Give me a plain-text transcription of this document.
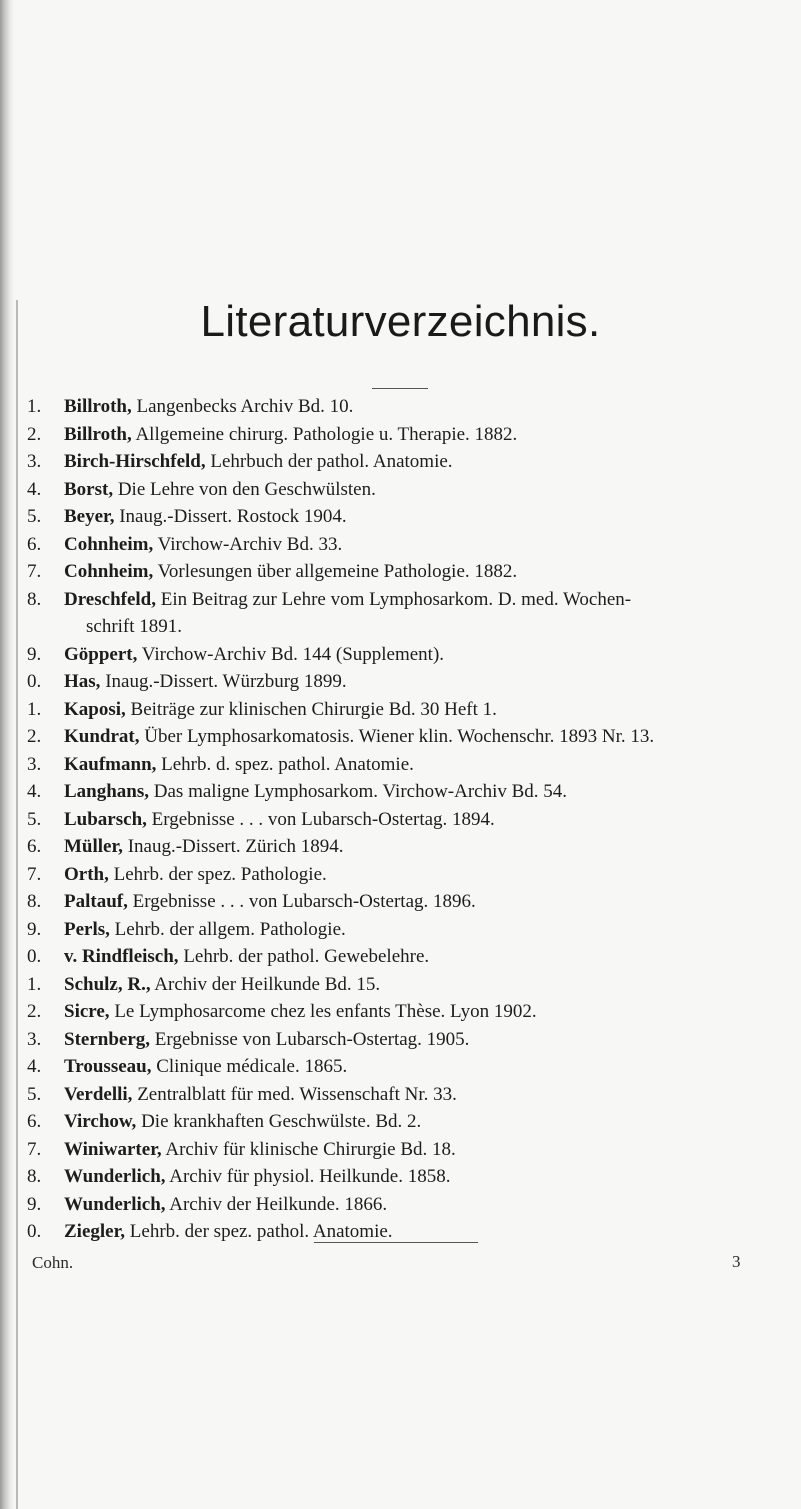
Literaturverzeichnis.
1.	Billroth, Langenbecks Archiv Bd. 10.
2.	Billroth, Allgemeine chirurg. Pathologie u. Therapie. 1882.
3.	Birch-Hirschfeld, Lehrbuch der pathol. Anatomie.
4.	Borst, Die Lehre von den Geschwülsten.
5.	Beyer, Inaug.-Dissert. Rostock 1904.
6.	Cohnheim, Virchow-Archiv Bd. 33.
7.	Cohnheim, Vorlesungen über allgemeine Pathologie. 1882.
8.	Dreschfeld, Ein Beitrag zur Lehre vom Lymphosarkom. D. med. Wochen-
schrift 1891.
9.	Göppert, Virchow-Archiv Bd. 144 (Supplement).
0.	Has, Inaug.-Dissert. Würzburg 1899.
1.	Kaposi, Beiträge zur klinischen Chirurgie Bd. 30 Heft 1.
2.	Kundrat, Über Lymphosarkomatosis. Wiener klin. Wochenschr. 1893 Nr. 13.
3.	Kaufmann, Lehrb. d. spez. pathol. Anatomie.
4.	Langhans, Das maligne Lymphosarkom. Virchow-Archiv Bd. 54.
5.	Lubarsch, Ergebnisse . . . von Lubarsch-Ostertag. 1894.
6.	Müller, Inaug.-Dissert. Zürich 1894.
7.	Orth, Lehrb. der spez. Pathologie.
8.	Paltauf, Ergebnisse . . . von Lubarsch-Ostertag. 1896.
9.	Perls, Lehrb. der allgem. Pathologie.
0.	v. Rindfleisch, Lehrb. der pathol. Gewebelehre.
1.	Schulz, R., Archiv der Heilkunde Bd. 15.
2.	Sicre, Le Lymphosarcome chez les enfants Thèse. Lyon 1902.
3.	Sternberg, Ergebnisse von Lubarsch-Ostertag. 1905.
4.	Trousseau, Clinique médicale. 1865.
5.	Verdelli, Zentralblatt für med. Wissenschaft Nr. 33.
6.	Virchow, Die krankhaften Geschwülste. Bd. 2.
7.	Winiwarter, Archiv für klinische Chirurgie Bd. 18.
8.	Wunderlich, Archiv für physiol. Heilkunde. 1858.
9.	Wunderlich, Archiv der Heilkunde. 1866.
0.	Ziegler, Lehrb. der spez. pathol. Anatomie.
Cohn.	3
